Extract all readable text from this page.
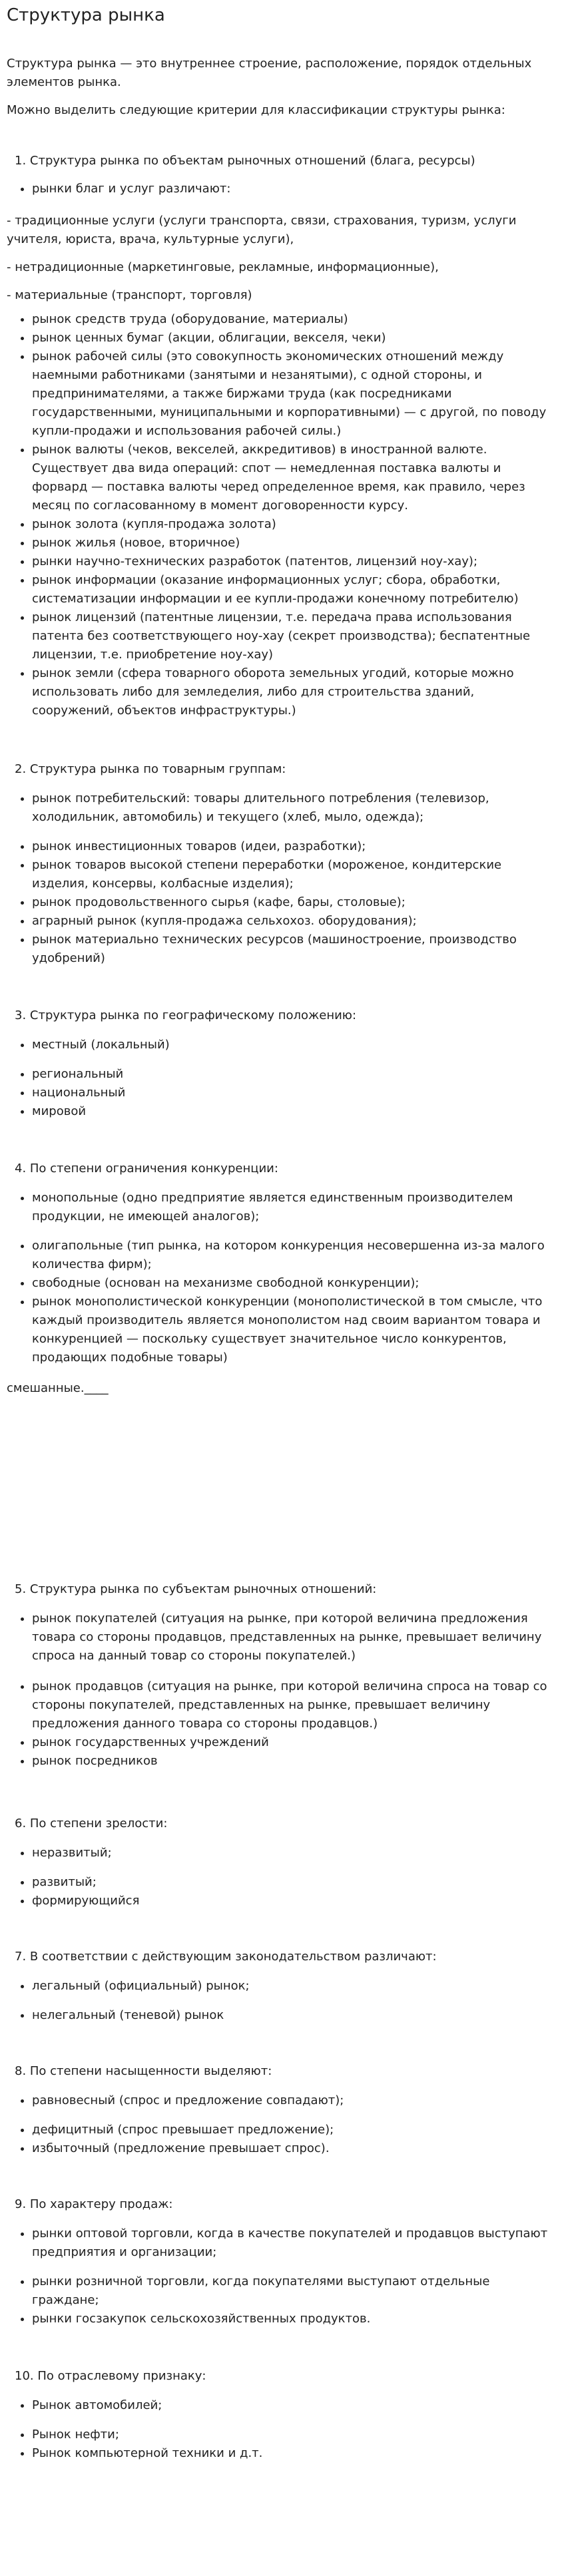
Структура рынка
Структура рынка — это внутреннее строение, расположение, порядок отдельных элементов рынка.
Можно выделить следующие критерии для классификации структуры рынка:
1. Структура рынка по объектам рыночных отношений (блага, ресурсы)
• рынки благ и услуг различают:
- традиционные услуги (услуги транспорта, связи, страхования, туризм, услуги учителя, юриста, врача, культурные услуги),
- нетрадиционные (маркетинговые, рекламные, информационные),
- материальные (транспорт, торговля)
• рынок средств труда (оборудование, материалы)
• рынок ценных бумаг (акции, облигации, векселя, чеки)
• рынок рабочей силы (это совокупность экономических отношений между наемными работниками (занятыми и незанятыми), с одной стороны, и предпринимателями, а также биржами труда (как посредниками государственными, муниципальными и корпоративными) — с другой, по поводу купли-продажи и использования рабочей силы.)
• рынок валюты (чеков, векселей, аккредитивов) в иностранной валюте. Существует два вида операций: спот — немедленная поставка валюты и форвард — поставка валюты черед определенное время, как правило, через месяц по согласованному в момент договоренности курсу.
• рынок золота (купля-продажа золота)
• рынок жилья (новое, вторичное)
• рынки научно-технических разработок (патентов, лицензий ноу-хау);
• рынок информации (оказание информационных услуг; сбора, обработки, систематизации информации и ее купли-продажи конечному потребителю)
• рынок лицензий (патентные лицензии, т.е. передача права использования патента без соответствующего ноу-хау (секрет производства); беспатентные лицензии, т.е. приобретение ноу-хау)
• рынок земли (сфера товарного оборота земельных угодий, которые можно использовать либо для земледелия, либо для строительства зданий, сооружений, объектов инфраструктуры.)
2. Структура рынка по товарным группам:
• рынок потребительский: товары длительного потребления (телевизор, холодильник, автомобиль) и текущего (хлеб, мыло, одежда);
• рынок инвестиционных товаров (идеи, разработки);
• рынок товаров высокой степени переработки (мороженое, кондитерские изделия, консервы, колбасные изделия);
• рынок продовольственного сырья (кафе, бары, столовые);
• аграрный рынок (купля-продажа сельхохоз. оборудования);
• рынок материально технических ресурсов (машиностроение, производство удобрений)
3. Структура рынка по географическому положению:
• местный (локальный)
• региональный
• национальный
• мировой
4. По степени ограничения конкуренции:
• монопольные (одно предприятие является единственным производителем продукции, не имеющей аналогов);
• олигапольные (тип рынка, на котором конкуренция несовершенна из-за малого количества фирм);
• свободные (основан на механизме свободной конкуренции);
• рынок монополистической конкуренции (монополистической в том смысле, что каждый производитель является монополистом над своим вариантом товара и конкуренцией — поскольку существует значительное число конкурентов, продающих подобные товары)
смешанные.____
5. Структура рынка по субъектам рыночных отношений:
• рынок покупателей (ситуация на рынке, при которой величина предложения товара со стороны продавцов, представленных на рынке, превышает величину спроса на данный товар со стороны покупателей.)
• рынок продавцов (ситуация на рынке, при которой величина спроса на товар со стороны покупателей, представленных на рынке, превышает величину предложения данного товара со стороны продавцов.)
• рынок государственных учреждений
• рынок посредников
6. По степени зрелости:
• неразвитый;
• развитый;
• формирующийся
7. В соответствии с действующим законодательством различают:
• легальный (официальный) рынок;
• нелегальный (теневой) рынок
8. По степени насыщенности выделяют:
• равновесный (спрос и предложение совпадают);
• дефицитный (спрос превышает предложение);
• избыточный (предложение превышает спрос).
9. По характеру продаж:
• рынки оптовой торговли, когда в качестве покупателей и продавцов выступают предприятия и организации;
• рынки розничной торговли, когда покупателями выступают отдельные граждане;
• рынки госзакупок сельскохозяйственных продуктов.
10. По отраслевому признаку:
• Рынок автомобилей;
• Рынок нефти;
• Рынок компьютерной техники и д.т.
